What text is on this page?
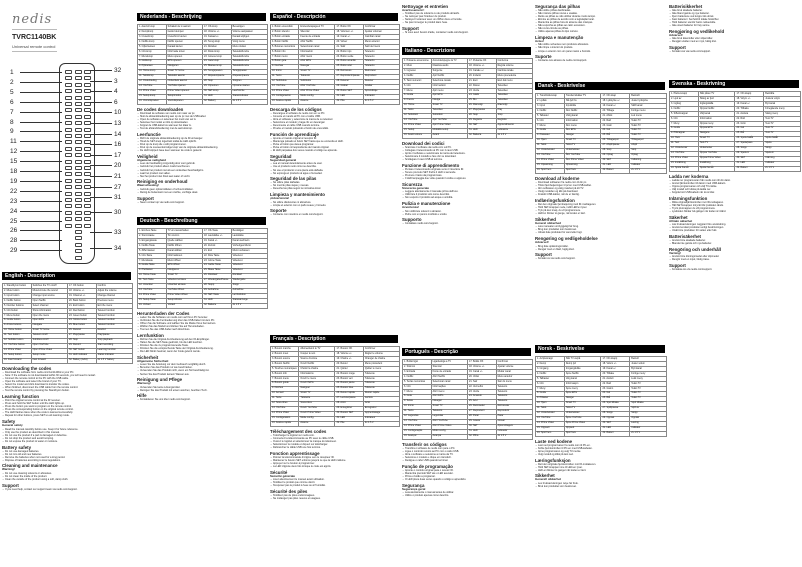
nedis
TVRC1140BK
Universal remote control
1
2
5
6
7
8
9
11
12
15
18
19
22
23
24
25
26
28
29
32
3
4
6
10
13
14
16
17
20
21
27
31
30
33
34
English - Description
1. Standby/on button	Switches the TV on/off	17. OK button	Confirm
2. Mute button	Mute/unmute the sound	18. Volume +/-	Adjust the volume
3. Input button	Change input source	19. Channel +/-	Change channel
4. Netflix button	Open Netflix	20. Back button	Previous menu
5. Number buttons	Select channel	21. Exit button	Exit the menu
6. Info button	Show information	22. Red button	Teletext function
7. Menu button	Open the menu	23. Green button	Teletext function
8. Guide button	Open EPG	24. Yellow button	Teletext function
9. Arrow buttons	Navigate	25. Blue button	Teletext function
10. Home button	Smart TV home	26. Rewind	Rewind
11. Text button	Teletext on/off	27. Play/pause	Play/pause
12. Subtitle button	Subtitles on/off	28. Stop	Stop playback
13. YouTube button	Open YouTube	29. Record	Start recording
14. Prime Video	Open Prime Video	30. SET button	Learning function
15. Setup button	Setup mode	31. LED indicator	Status indicator
16. Fast forward	Fast forward	32. Battery (AAA)	2x 1.5 V battery
Downloading the codes
– Download the software from nedis.com/tvrc1140bk to your PC.
– Note: If the software is not downloaded within 30 seconds, you will need to restart.
– Connect the remote control to the PC with the USB cable.
– Open the software and select the brand of your TV.
– Select the model and click download to transfer the codes.
– When finished, disconnect the USB cable from the remote control.
– Test the remote control by pressing the Standby/on button.
Learning function
– Point the original remote control at the IR receiver.
– Press and hold the SET button until the LED lights up.
– Press the button you want to program on the remote control.
– Press the corresponding button on the original remote control.
– The LED flashes twice when the code is learned successfully.
– Repeat for other buttons, press SET to exit learning mode.
Safety
General safety
– Read the manual carefully before use. Keep it for future reference.
– Only use the product as described in this manual.
– Do not use the product if a part is damaged or defective.
– Do not drop the product and avoid bumping.
– Do not expose the product to water or moisture.
Battery safety
– Do not use damaged batteries.
– Do not mix old and new batteries.
– Remove the batteries when not used for a long period.
– Dispose of batteries according to local regulations.
Cleaning and maintenance
Warning!
– Do not use cleaning solvents or abrasives.
– Do not clean the inside of the product.
– Clean the outside of the product using a soft, damp cloth.
Support
– If you need help, contact our support team via nedis.com/support.
Nederlands - Beschrijving
1. Aan/uit knop	Schakelt de tv aan/uit	17. OK-knop	Bevestigen
2. Dempknop	Geluid dempen	18. Volume +/-	Volume aanpassen
3. Invoerknop	Invoerbron kiezen	19. Kanaal +/-	Kanaal wijzigen
4. Netflix-knop	Netflix openen	20. Terug-knop	Vorig menu
5. Cijfertoetsen	Kanaal kiezen	21. Afsluiten	Menu sluiten
6. Info-knop	Informatie tonen	22. Rode knop	Teletekstfunctie
7. Menuknop	Menu openen	23. Groene knop	Teletekstfunctie
8. Gidsknop	EPG openen	24. Gele knop	Teletekstfunctie
9. Pijltoetsen	Navigeren	25. Blauwe knop	Teletekstfunctie
10. Home-knop	Smart TV home	26. Terugspoelen	Terugspoelen
11. Tekstknop	Teletekst aan/uit	27. Afspelen/pauze	Afspelen/pauze
12. Ondertiteling	Ondertitels aan/uit	28. Stop	Stoppen
13. YouTube	YouTube openen	29. Opnemen	Opname starten
14. Prime Video	Prime Video openen	30. SET-knop	Leerfunctie
15. Setup-knop	Setupmodus	31. LED	Statusindicator
16. Vooruitspoelen	Vooruitspoelen	32. Batterij	2x 1.5 V
De codes downloaden
– Download de software van nedis.com naar uw pc.
– Sluit de afstandsbediening aan op de pc met de USB-kabel.
– Open de software en selecteer het merk van uw tv.
– Selecteer het model en klik op downloaden.
– Koppel de USB-kabel los wanneer het klaar is.
– Test de afstandsbediening met de aan/uit-knop.
Leerfunctie
– Richt de originele afstandsbediening op de IR-ontvanger.
– Houd de SET-knop ingedrukt totdat de LED oplicht.
– Druk op de knop die u wilt programmeren.
– Druk op de overeenkomstige knop van de originele afstandsbediening.
– De LED knippert twee keer wanneer de code is geleerd.
Veiligheid
Algemene veiligheid
– Lees de handleiding zorgvuldig door voor gebruik.
– Gebruik het product alleen zoals beschreven.
– Gebruik het product niet als een onderdeel beschadigd is.
– Laat het product niet vallen.
– Stel het product niet bloot aan water of vocht.
Reiniging en onderhoud
Waarschuwing!
– Gebruik geen oplosmiddelen of schuurmiddelen.
– Reinig de buitenkant met een zachte, vochtige doek.
Support
– Neem contact op via nedis.com/support.
Deutsch - Beschreibung
1. Ein/Aus-Taste	TV ein-/ausschalten	17. OK-Taste	Bestätigen
2. Stummtaste	Ton stumm	18. Lautstärke +/-	Lautstärke
3. Eingangstaste	Quelle wählen	19. Kanal +/-	Kanal wechseln
4. Netflix-Taste	Netflix öffnen	20. Zurück	Vorheriges Menü
5. Zifferntasten	Kanal wählen	21. Exit	Menü verlassen
6. Info-Taste	Informationen	22. Rote Taste	Videotext
7. Menütaste	Menü öffnen	23. Grüne Taste	Videotext
8. Guide-Taste	EPG öffnen	24. Gelbe Taste	Videotext
9. Pfeiltasten	Navigieren	25. Blaue Taste	Videotext
10. Home-Taste	Smart TV	26. Rücklauf	Rücklauf
11. Text-Taste	Videotext ein/aus	27. Wiedergabe/Pause	Wiedergabe
12. Untertitel	Untertitel ein/aus	28. Stopp	Stopp
13. YouTube	YouTube öffnen	29. Aufnahme	Aufnahme
14. Prime Video	Prime Video öffnen	30. SET-Taste	Lernfunktion
15. Setup-Taste	Setup-Modus	31. LED	Statusanzeige
16. Vorlauf	Vorlauf	32. Batterie	2x 1.5 V
Herunterladen der Codes
– Laden Sie die Software von nedis.com auf Ihren PC herunter.
– Verbinden Sie die Fernbedienung über das USB-Kabel mit dem PC.
– Öffnen Sie die Software und wählen Sie die Marke Ihres Fernsehers.
– Wählen Sie das Modell und klicken Sie auf Herunterladen.
– Trennen Sie das USB-Kabel nach Abschluss.
Lernfunktion
– Richten Sie die Original-Fernbedienung auf den IR-Empfänger.
– Halten Sie die SET-Taste gedrückt, bis die LED leuchtet.
– Drücken Sie die zu programmierende Taste.
– Drücken Sie die entsprechende Taste der Original-Fernbedienung.
– Die LED blinkt zweimal, wenn der Code gelernt wurde.
Sicherheit
Allgemeine Sicherheit
– Lesen Sie die Anleitung vor dem Gebrauch sorgfältig durch.
– Benutzen Sie das Produkt nur wie beschrieben.
– Verwenden Sie das Produkt nicht, wenn ein Teil beschädigt ist.
– Setzen Sie das Produkt keinem Wasser aus.
Reinigung und Pflege
Warnung!
– Verwenden Sie keine Lösungsmittel.
– Reinigen Sie das Produkt mit einem weichen, feuchten Tuch.
Hilfe
– Kontaktieren Sie uns über nedis.com/support.
Español - Descripción
1. Botón encendido	Enciende/apaga el TV	17. Botón OK	Confirmar
2. Botón silencio	Silenciar	18. Volumen +/-	Ajustar volumen
3. Botón entrada	Fuente de entrada	19. Canal +/-	Cambiar canal
4. Botón Netflix	Abrir Netflix	20. Volver	Menú anterior
5. Botones numéricos	Seleccionar canal	21. Salir	Salir del menú
6. Botón info	Información	22. Botón rojo	Teletexto
7. Botón menú	Abrir menú	23. Botón verde	Teletexto
8. Botón guía	Abrir EPG	24. Botón amarillo	Teletexto
9. Flechas	Navegar	25. Botón azul	Teletexto
10. Inicio	Smart TV	26. Retroceso	Retroceso
11. Texto	Teletexto	27. Reproducir/pausa	Reproducir
12. Subtítulos	Subtítulos	28. Detener	Detener
13. YouTube	Abrir YouTube	29. Grabar	Grabar
14. Prime Video	Abrir Prime Video	30. Botón SET	Aprendizaje
15. Configuración	Modo config.	31. LED	Indicador
16. Avance rápido	Avance	32. Pila	2x 1.5 V
Descarga de los códigos
– Descargue el software de nedis.com en su PC.
– Conecte el mando al PC con el cable USB.
– Abra el software y seleccione la marca de su televisor.
– Seleccione el modelo y haga clic en descargar.
– Desconecte el cable USB cuando termine.
– Pruebe el mando pulsando el botón de encendido.
Función de aprendizaje
– Apunte el mando original al receptor IR.
– Mantenga pulsado el botón SET hasta que se encienda el LED.
– Pulse el botón que desea programar.
– Pulse el botón correspondiente del mando original.
– El LED parpadea dos veces cuando el código se aprende.
Seguridad
Seguridad general
– Lea el manual detenidamente antes de usar.
– Use el producto solo como se describe.
– No use el producto si una pieza está dañada.
– No exponga el producto al agua o humedad.
Seguridad de las pilas
– No utilice pilas dañadas.
– No mezcle pilas viejas y nuevas.
– Deseche las pilas según la normativa local.
Limpieza y mantenimiento
¡Advertencia!
– No utilice disolventes ni abrasivos.
– Limpie el exterior con un paño suave y húmedo.
Soporte
– Contacte con nosotros en nedis.com/support.
Français - Description
1. Bouton marche	Allume/éteint le TV	17. Bouton OK	Confirmer
2. Bouton muet	Couper le son	18. Volume +/-	Régler le volume
3. Bouton source	Source d'entrée	19. Chaîne +/-	Changer de chaîne
4. Bouton Netflix	Ouvrir Netflix	20. Retour	Menu précédent
5. Touches numériques	Choisir la chaîne	21. Quitter	Quitter le menu
6. Bouton info	Informations	22. Bouton rouge	Télétexte
7. Bouton menu	Ouvrir le menu	23. Bouton vert	Télétexte
8. Bouton guide	Ouvrir l'EPG	24. Bouton jaune	Télétexte
9. Flèches	Naviguer	25. Bouton bleu	Télétexte
10. Accueil	Smart TV	26. Retour rapide	Retour rapide
11. Texte	Télétexte	27. Lecture/pause	Lecture
12. Sous-titres	Sous-titres	28. Arrêt	Arrêt
13. YouTube	Ouvrir YouTube	29. Enregistrer	Enregistrer
14. Prime Video	Ouvrir Prime Video	30. Bouton SET	Apprentissage
15. Configuration	Mode config.	31. LED	Indicateur
16. Avance rapide	Avance	32. Pile	2x 1.5 V
Téléchargement des codes
– Téléchargez le logiciel sur nedis.com.
– Connectez la télécommande au PC avec le câble USB.
– Ouvrez le logiciel et sélectionnez la marque du téléviseur.
– Sélectionnez le modèle et cliquez sur télécharger.
– Débranchez le câble USB une fois terminé.
Fonction apprentissage
– Pointez la télécommande d'origine vers le récepteur IR.
– Maintenez le bouton SET enfoncé jusqu'à ce que la LED s'allume.
– Appuyez sur le bouton à programmer.
– La LED clignote deux fois lorsque le code est appris.
Sécurité
Sécurité générale
– Lisez attentivement le manuel avant utilisation.
– N'utilisez le produit que comme décrit.
– N'exposez pas le produit à l'eau ou à l'humidité.
Sécurité des piles
– N'utilisez pas de piles endommagées.
– Ne mélangez pas piles neuves et usagées.
Nettoyage et entretien
Avertissement !
– N'utilisez pas de solvants ou de produits abrasifs.
– Ne nettoyez pas l'intérieur du produit.
– Nettoyez l'extérieur avec un chiffon doux et humide.
– Ne pas immerger le produit dans l'eau.
Support
– Si vous avez besoin d'aide, contactez nedis.com/support.
Italiano - Descrizione
1. Pulsante accensione	Accende/spegne la TV	17. Pulsante OK	Conferma
2. Muto	Disattiva audio	18. Volume +/-	Regola volume
3. Ingresso	Sorgente	19. Canale +/-	Cambia canale
4. Netflix	Apri Netflix	20. Indietro	Menu precedente
5. Tasti numerici	Seleziona canale	21. Esci	Esci dal menu
6. Info	Informazioni	22. Rosso	Televideo
7. Menu	Apri menu	23. Verde	Televideo
8. Guida	Apri EPG	24. Giallo	Televideo
9. Frecce	Naviga	25. Blu	Televideo
10. Home	Smart TV	26. Riavvolgi	Riavvolgi
11. Testo	Televideo	27. Play/pausa	Play
12. Sottotitoli	Sottotitoli	28. Stop	Stop
13. YouTube	Apri YouTube	29. Registra	Registra
14. Prime Video	Apri Prime Video	30. SET	Apprendimento
15. Setup	Modalità setup	31. LED	Indicatore
16. Avanti veloce	Avanti	32. Batteria	2x 1.5 V
Download dei codici
– Scaricare il software da nedis.com sul PC.
– Collegare il telecomando al PC con il cavo USB.
– Aprire il software e selezionare la marca del televisore.
– Selezionare il modello e fare clic su download.
– Scollegare il cavo USB al termine.
Funzione di apprendimento
– Puntare il telecomando originale verso il ricevitore IR.
– Tenere premuto SET finché il LED si accende.
– Premere il tasto da programmare.
– Il LED lampeggia due volte quando il codice è appreso.
Sicurezza
Sicurezza generale
– Leggere attentamente il manuale prima dell'uso.
– Utilizzare il prodotto solo come descritto.
– Non esporre il prodotto ad acqua o umidità.
Pulizia e manutenzione
Avvertenza!
– Non utilizzare solventi o abrasivi.
– Pulire con un panno morbido e umido.
Supporto
– Contattare nedis.com/support.
Português - Descrição
1. Botão ligar	Liga/desliga a TV	17. Botão OK	Confirmar
2. Silêncio	Silenciar	18. Volume +/-	Ajustar volume
3. Entrada	Fonte de entrada	19. Canal +/-	Mudar canal
4. Netflix	Abrir Netflix	20. Voltar	Menu anterior
5. Teclas numéricas	Selecionar canal	21. Sair	Sair do menu
6. Info	Informações	22. Vermelho	Teletexto
7. Menu	Abrir menu	23. Verde	Teletexto
8. Guia	Abrir EPG	24. Amarelo	Teletexto
9. Setas	Navegar	25. Azul	Teletexto
10. Início	Smart TV	26. Retroceder	Retroceder
11. Texto	Teletexto	27. Reproduzir	Reproduzir
12. Legendas	Legendas	28. Parar	Parar
13. YouTube	Abrir YouTube	29. Gravar	Gravar
14. Prime Video	Abrir Prime Video	30. SET	Aprendizagem
15. Configuração	Modo config.	31. LED	Indicador
16. Avançar	Avançar	32. Pilha	2x 1.5 V
Transferir os códigos
– Transfira o software de nedis.com para o PC.
– Ligue o controlo remoto ao PC com o cabo USB.
– Abra o software e selecione a marca da TV.
– Selecione o modelo e clique em transferir.
– Desligue o cabo USB quando terminar.
Função de programação
– Aponte o controlo original para o recetor IR.
– Mantenha premido SET até o LED acender.
– Prima o botão a programar.
– O LED pisca duas vezes quando o código é aprendido.
Segurança
Segurança geral
– Leia atentamente o manual antes de utilizar.
– Utilize o produto apenas como descrito.
Segurança das pilhas
– Não utilize pilhas danificadas.
– Não misture pilhas novas e usadas.
– Retire as pilhas se não utilizar durante muito tempo.
– Elimine as pilhas de acordo com a legislação local.
– Mantenha as pilhas fora do alcance das crianças.
– Não exponha as pilhas ao calor excessivo.
– Não curto-circuite as pilhas.
– Utilize apenas pilhas do tipo correto.
Limpeza e manutenção
Aviso!
– Não utilize solventes nem produtos abrasivos.
– Não limpe o interior do produto.
– Limpe o exterior com um pano macio e húmido.
Suporte
– Contacte-nos através de nedis.com/support.
Dansk - Beskrivelse
1. Tænd/sluk-knap	Tænder/slukker TV	17. OK-knap	Bekræft
2. Lydløs	Slå lyd fra	18. Lydstyrke +/-	Juster lydstyrke
3. Input	Inputkilde	19. Kanal +/-	Skift kanal
4. Netflix	Åbn Netflix	20. Tilbage	Forrige menu
5. Taltaster	Vælg kanal	21. Afslut	Luk menu
6. Info	Information	22. Rød	Tekst-TV
7. Menu	Åbn menu	23. Grøn	Tekst-TV
8. Guide	Åbn EPG	24. Gul	Tekst-TV
9. Piletaster	Naviger	25. Blå	Tekst-TV
10. Hjem	Smart TV	26. Tilbagespol	Tilbagespol
11. Tekst	Tekst-TV	27. Afspil/pause	Afspil
12. Undertekster	Undertekster	28. Stop	Stop
13. YouTube	Åbn YouTube	29. Optag	Optag
14. Prime Video	Åbn Prime Video	30. SET	Indlæring
15. Opsætning	Opsætning	31. LED	Indikator
16. Spol frem	Spol frem	32. Batteri	2x 1.5 V
Download af koderne
– Download softwaren fra nedis.com til din pc.
– Tilslut fjernbetjeningen til pc'en med USB-kablet.
– Åbn softwaren og vælg mærket på dit TV.
– Vælg modellen og klik på download.
– Frakobl USB-kablet, når du er færdig.
Indlæringsfunktion
– Ret den originale fjernbetjening mod IR-modtageren.
– Hold SET-knappen nede, indtil LED'en lyser.
– Tryk på den knap, du vil programmere.
– LED'en blinker to gange, når koden er lært.
Sikkerhed
Generel sikkerhed
– Læs manualen omhyggeligt før brug.
– Brug kun produktet som beskrevet.
– Udsæt ikke produktet for vand eller fugt.
Rengøring og vedligeholdelse
Advarsel!
– Brug ikke opløsningsmidler.
– Rengør med en blød, fugtig klud.
Support
– Kontakt os via nedis.com/support.
Norsk - Beskrivelse
1. Av/på-knapp	Slår TV av/på	17. OK-knapp	Bekreft
2. Demp	Demp lyd	18. Volum +/-	Juster volum
3. Inngang	Inngangskilde	19. Kanal +/-	Bytt kanal
4. Netflix	Åpne Netflix	20. Tilbake	Forrige meny
5. Talltaster	Velg kanal	21. Avslutt	Lukk meny
6. Info	Informasjon	22. Rød	Tekst-TV
7. Meny	Åpne meny	23. Grønn	Tekst-TV
8. Guide	Åpne EPG	24. Gul	Tekst-TV
9. Piltaster	Naviger	25. Blå	Tekst-TV
10. Hjem	Smart TV	26. Spol tilbake	Spol tilbake
11. Tekst	Tekst-TV	27. Spill/pause	Spill av
12. Undertekster	Undertekster	28. Stopp	Stopp
13. YouTube	Åpne YouTube	29. Opptak	Opptak
14. Prime Video	Åpne Prime Video	30. SET	Læring
15. Oppsett	Oppsett	31. LED	Indikator
16. Spol frem	Spol frem	32. Batteri	2x 1.5 V
Laste ned kodene
– Last ned programvaren fra nedis.com til PC-en.
– Koble fjernkontrollen til PC-en med USB-kabelen.
– Åpne programvaren og velg TV-merke.
– Velg modell og klikk på last ned.
Læringsfunksjon
– Rett den originale fjernkontrollen mot IR-mottakeren.
– Hold SET-knappen inne til LED-en lyser.
– LED-en blinker to ganger når koden er lært.
Sikkerhet
Generell sikkerhet
– Les bruksanvisningen nøye før bruk.
– Bruk kun produktet som beskrevet.
Batterisikkerhet
– Ikke bruk skadede batterier.
– Ikke bland gamle og nye batterier.
– Fjern batteriene ved lengre tids ubruk.
– Kast batterier i henhold til lokale forskrifter.
– Hold batterier utenfor barns rekkevidde.
– Ikke utsett batterier for høy varme.
Rengjøring og vedlikehold
Advarsel!
– Ikke bruk løsemidler eller slipemidler.
– Rengjør utsiden med en myk, fuktig klut.
Support
– Kontakt oss via nedis.com/support.
Svenska - Beskrivning
1. På/av-knapp	Slår på/av TV	17. OK-knapp	Bekräfta
2. Ljud av	Stäng av ljud	18. Volym +/-	Justera volym
3. Ingång	Ingångskälla	19. Kanal +/-	Byt kanal
4. Netflix	Öppna Netflix	20. Tillbaka	Föregående meny
5. Sifferknappar	Välj kanal	21. Avsluta	Stäng meny
6. Info	Information	22. Röd	Text-TV
7. Meny	Öppna meny	23. Grön	Text-TV
8. Guide	Öppna EPG	24. Gul	Text-TV
9. Pilknappar	Navigera	25. Blå	Text-TV
10. Hem	Smart TV	26. Spola bakåt	Spola bakåt
11. Text	Text-TV	27. Spela/paus	Spela
12. Undertexter	Undertexter	28. Stopp	Stopp
13. YouTube	Öppna YouTube	29. Spela in	Spela in
14. Prime Video	Öppna Prime Video	30. SET	Inlärning
15. Inställning	Inställning	31. LED	Indikator
16. Spola framåt	Spola framåt	32. Batteri	2x 1.5 V
Ladda ner koderna
– Ladda ner programvaran från nedis.com till din dator.
– Anslut fjärrkontrollen till datorn med USB-kabeln.
– Öppna programvaran och välj TV-märke.
– Välj modell och klicka på ladda ner.
– Koppla bort USB-kabeln när du är klar.
Inlärningsfunktion
– Rikta originalfjärrkontrollen mot IR-mottagaren.
– Håll SET-knappen intryckt tills lysdioden tänds.
– Tryck på knappen du vill programmera.
– Lysdioden blinkar två gånger när koden är inlärd.
Säkerhet
Allmän säkerhet
– Läs bruksanvisningen noggrant före användning.
– Använd endast produkten enligt beskrivningen.
– Utsätt inte produkten för vatten eller fukt.
Batterisäkerhet
– Använd inte skadade batterier.
– Blanda inte gamla och nya batterier.
Rengöring och underhåll
Varning!
– Använd inte lösningsmedel eller slipmedel.
– Rengör med en mjuk, fuktig trasa.
Support
– Kontakta oss via nedis.com/support.
